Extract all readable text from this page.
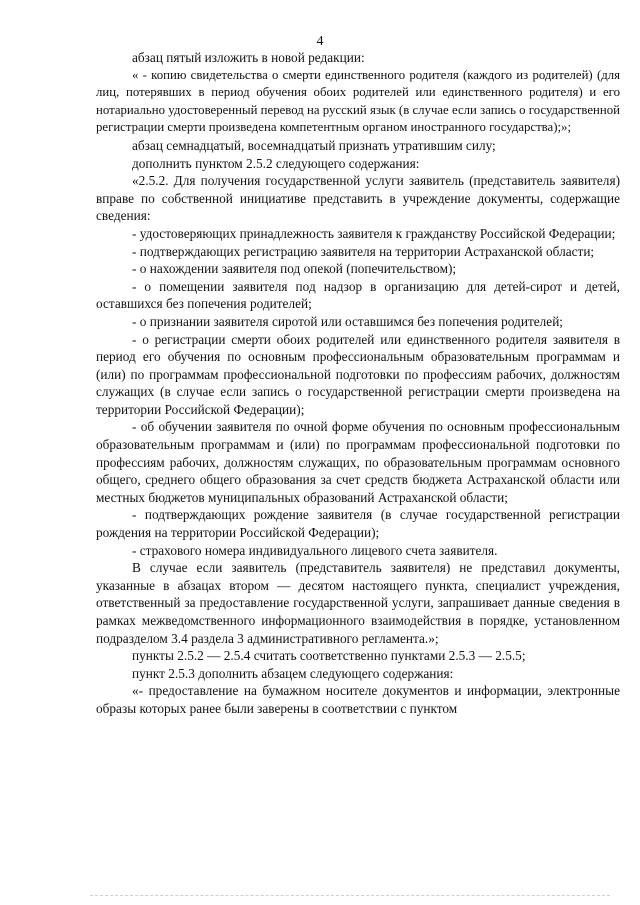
4

абзац пятый изложить в новой редакции:

« - копию свидетельства о смерти единственного родителя (каждого из родителей) (для лиц, потерявших в период обучения обоих родителей или единственного родителя) и его нотариально удостоверенный перевод на русский язык (в случае если запись о государственной регистрации смерти произведена компетентным органом иностранного государства);»;

абзац семнадцатый, восемнадцатый признать утратившим силу;

дополнить пунктом 2.5.2 следующего содержания:

«2.5.2. Для получения государственной услуги заявитель (представитель заявителя) вправе по собственной инициативе представить в учреждение документы, содержащие сведения:

- удостоверяющих принадлежность заявителя к гражданству Российской Федерации;

- подтверждающих регистрацию заявителя на территории Астраханской области;

- о нахождении заявителя под опекой (попечительством);

- о помещении заявителя под надзор в организацию для детей-сирот и детей, оставшихся без попечения родителей;

- о признании заявителя сиротой или оставшимся без попечения родителей;

- о регистрации смерти обоих родителей или единственного родителя заявителя в период его обучения по основным профессиональным образовательным программам и (или) по программам профессиональной подготовки по профессиям рабочих, должностям служащих (в случае если запись о государственной регистрации смерти произведена на территории Российской Федерации);

- об обучении заявителя по очной форме обучения по основным профессиональным образовательным программам и (или) по программам профессиональной подготовки по профессиям рабочих, должностям служащих, по образовательным программам основного общего, среднего общего образования за счет средств бюджета Астраханской области или местных бюджетов муниципальных образований Астраханской области;

- подтверждающих рождение заявителя (в случае государственной регистрации рождения на территории Российской Федерации);

- страхового номера индивидуального лицевого счета заявителя.

В случае если заявитель (представитель заявителя) не представил документы, указанные в абзацах втором — десятом настоящего пункта, специалист учреждения, ответственный за предоставление государственной услуги, запрашивает данные сведения в рамках межведомственного информационного взаимодействия в порядке, установленном подразделом 3.4 раздела 3 административного регламента.»;

пункты 2.5.2 — 2.5.4 считать соответственно пунктами 2.5.3 — 2.5.5;

пункт 2.5.3 дополнить абзацем следующего содержания:

«- предоставление на бумажном носителе документов и информации, электронные образы которых ранее были заверены в соответствии с пунктом
